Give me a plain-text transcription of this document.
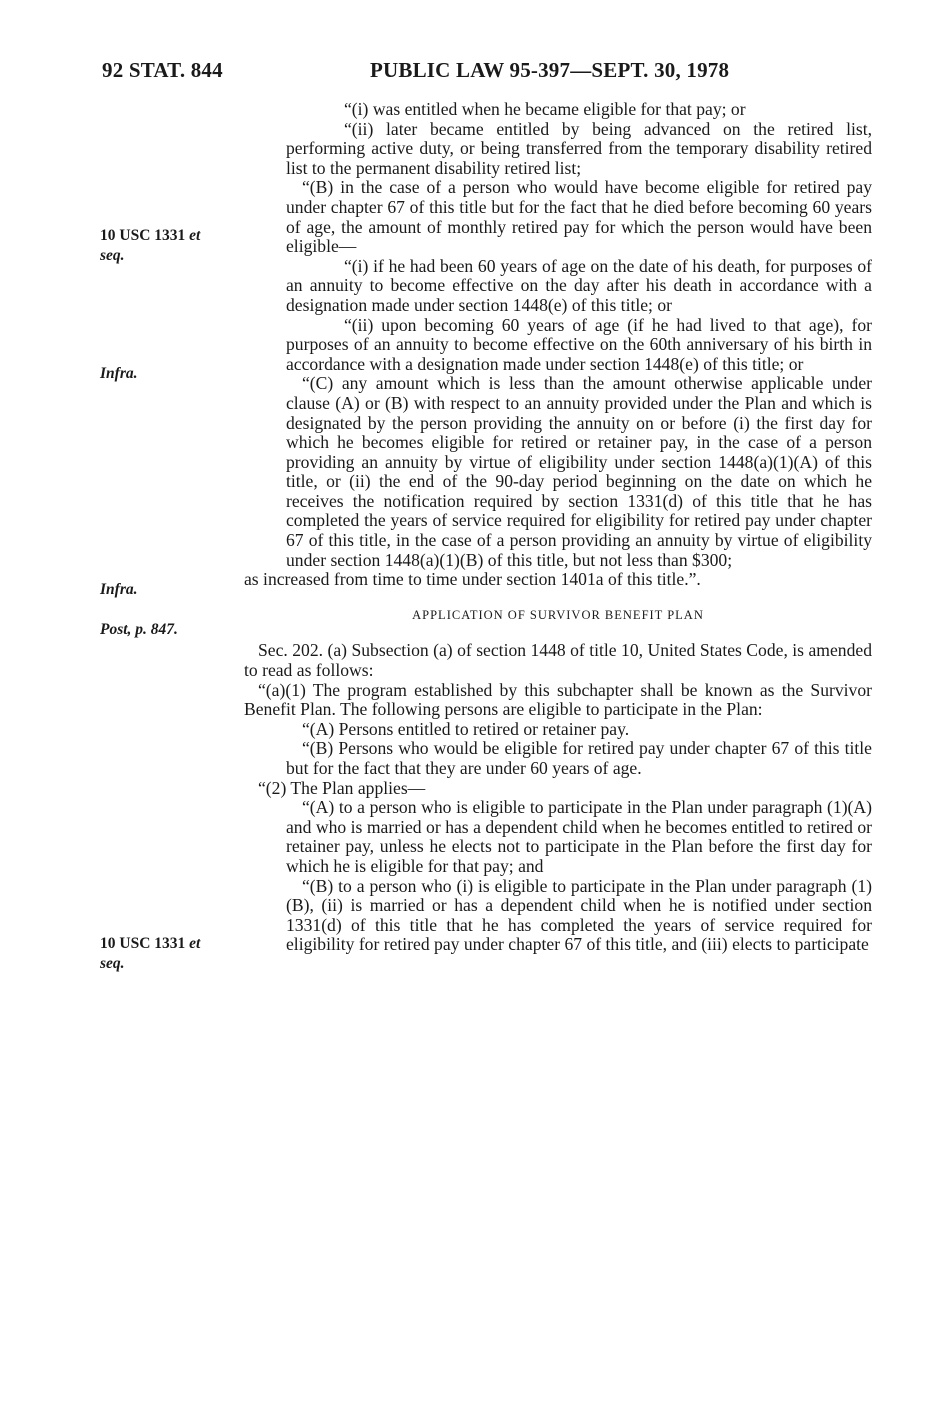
92 STAT. 844	PUBLIC LAW 95-397—SEPT. 30, 1978
10 USC 1331 et
seq.
Infra.
Infra.
Post, p. 847.
10 USC 1331 et
seq.

“(i) was entitled when he became eligible for that pay; or

“(ii) later became entitled by being advanced on the retired list, performing active duty, or being transferred from the temporary disability retired list to the permanent disability retired list;

“(B) in the case of a person who would have become eligible for retired pay under chapter 67 of this title but for the fact that he died before becoming 60 years of age, the amount of monthly retired pay for which the person would have been eligible—

“(i) if he had been 60 years of age on the date of his death, for purposes of an annuity to become effective on the day after his death in accordance with a designation made under section 1448(e) of this title; or

“(ii) upon becoming 60 years of age (if he had lived to that age), for purposes of an annuity to become effective on the 60th anniversary of his birth in accordance with a designation made under section 1448(e) of this title; or

“(C) any amount which is less than the amount otherwise applicable under clause (A) or (B) with respect to an annuity provided under the Plan and which is designated by the person providing the annuity on or before (i) the first day for which he becomes eligible for retired or retainer pay, in the case of a person providing an annuity by virtue of eligibility under section 1448(a)(1)(A) of this title, or (ii) the end of the 90-day period beginning on the date on which he receives the notification required by section 1331(d) of this title that he has completed the years of service required for eligibility for retired pay under chapter 67 of this title, in the case of a person providing an annuity by virtue of eligibility under section 1448(a)(1)(B) of this title, but not less than $300;

as increased from time to time under section 1401a of this title.”.

APPLICATION OF SURVIVOR BENEFIT PLAN

Sec. 202. (a) Subsection (a) of section 1448 of title 10, United States Code, is amended to read as follows:

“(a)(1) The program established by this subchapter shall be known as the Survivor Benefit Plan. The following persons are eligible to participate in the Plan:

“(A) Persons entitled to retired or retainer pay.

“(B) Persons who would be eligible for retired pay under chapter 67 of this title but for the fact that they are under 60 years of age.

“(2) The Plan applies—

“(A) to a person who is eligible to participate in the Plan under paragraph (1)(A) and who is married or has a dependent child when he becomes entitled to retired or retainer pay, unless he elects not to participate in the Plan before the first day for which he is eligible for that pay; and

“(B) to a person who (i) is eligible to participate in the Plan under paragraph (1)(B), (ii) is married or has a dependent child when he is notified under section 1331(d) of this title that he has completed the years of service required for eligibility for retired pay under chapter 67 of this title, and (iii) elects to participate
